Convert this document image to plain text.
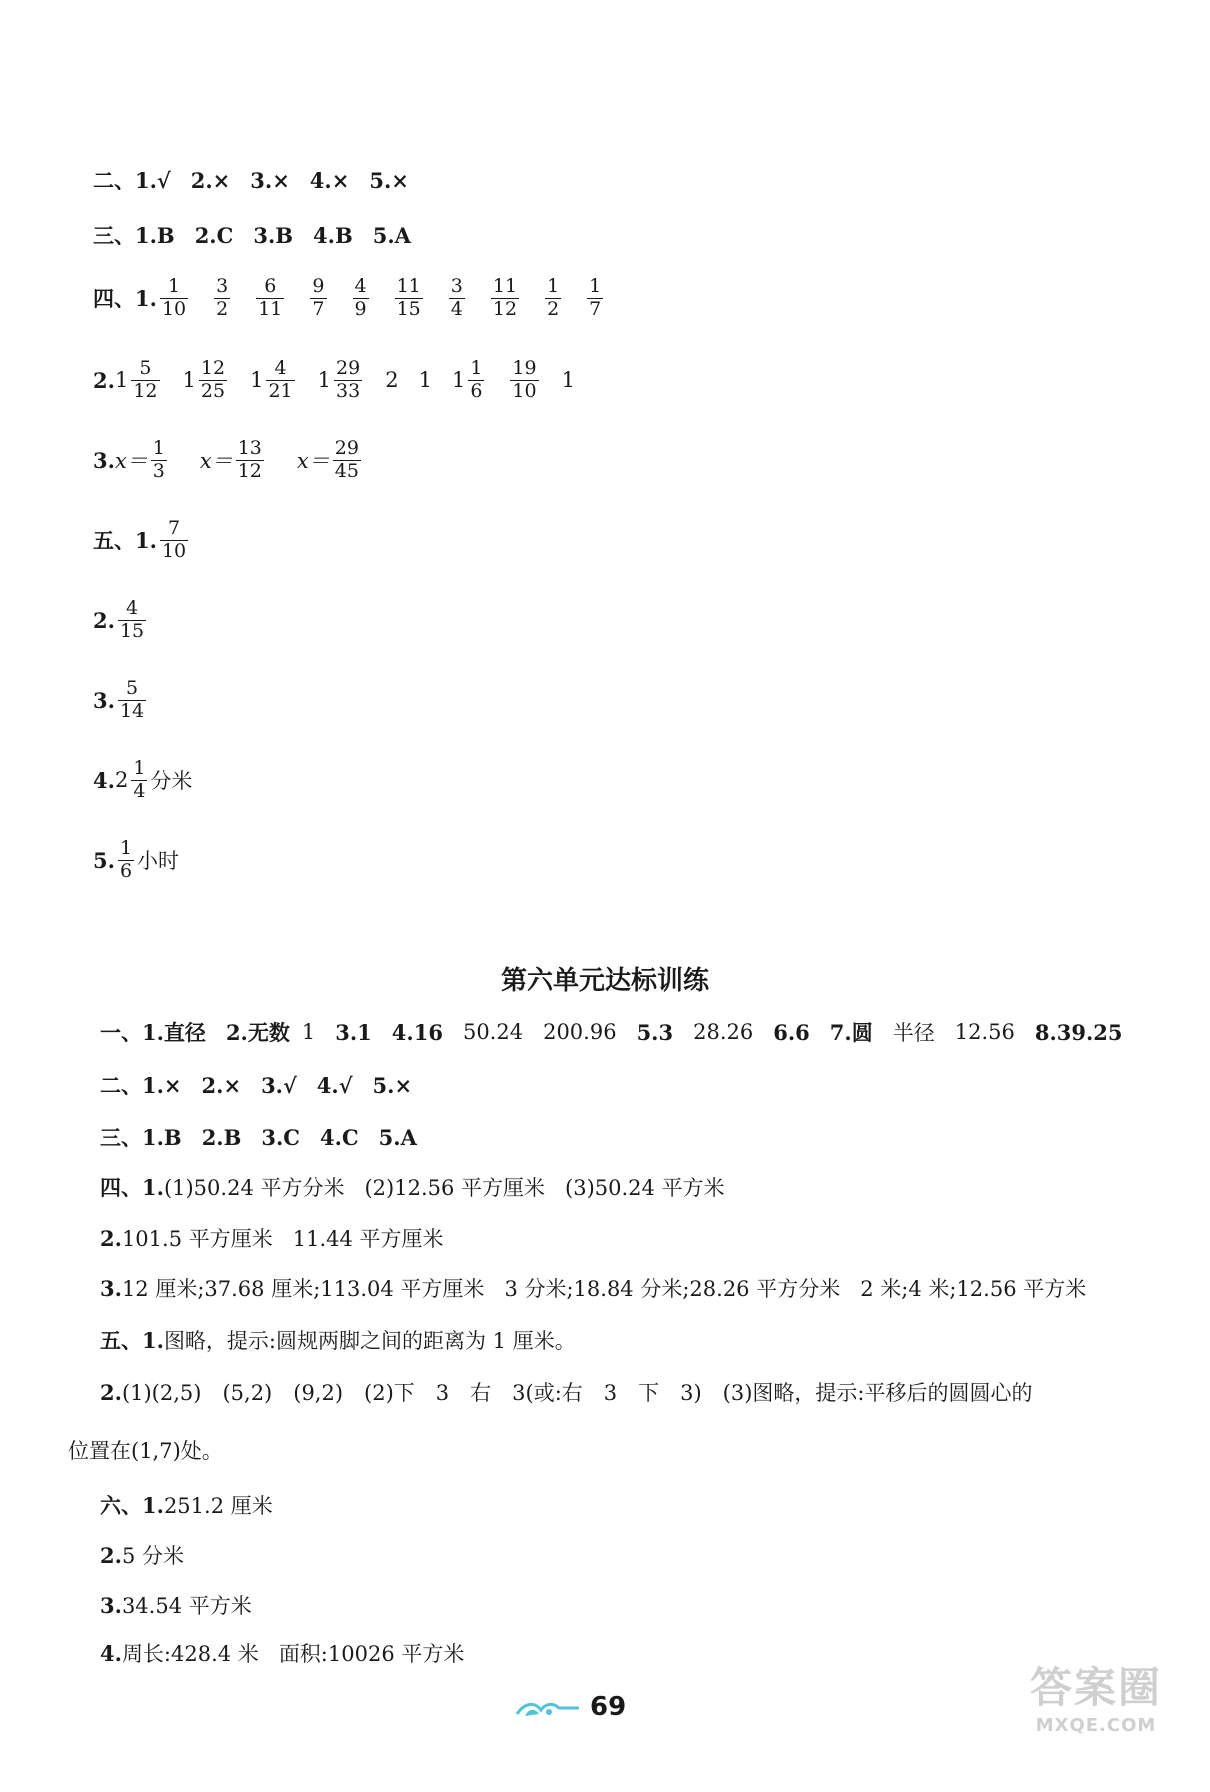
二、 1.√ 2.× 3.× 4.× 5.×
三、 1.B 2.C 3.B 4.B 5.A
四、1. $\frac{1}{10} \frac{3}{2} \frac{6}{11} \frac{9}{7} \frac{4}{9} \frac{11}{15} \frac{3}{4} \frac{11}{12} \frac{1}{2} \frac{1}{7}$
2. $1 \frac{5}{12} 1 \frac{12}{25} 1 \frac{4}{21} 1 \frac{29}{33} 2$ 1 $1 \frac{1}{6} \frac{19}{10} 1$
3. $x= \frac{1}{3} x= \frac{13}{12} x= \frac{29}{45}$
五、1. $\frac{7}{10}$
2. $\frac{4}{15}$
3. $\frac{5}{14}$
4. $2 \frac{1}{4}$ 分米
5. $\frac{1}{6}$ 小时
第六单元达标训练
一、 1.直径 2.无数 1 3.1 4.16 50.24 200.96 5.3 28.26 6.6 7.圆 半径 12.56 8.39.25
二、 1.× 2.× 3.√ 4.√ 5.×
三、 1.B 2.B 3.C 4.C 5.A
四、1. (1)50.24 平方分米 (2)12.56 平方厘米 (3)50.24 平方米
2. 101.5 平方厘米 11.44 平方厘米
3. 12 厘米;37.68 厘米;113.04 平方厘米 3 分米;18.84 分米;28.26 平方分米 2 米;4 米;12.56 平方米
五、1. 图略，提示:圆规两脚之间的距离为 1 厘米。
2. (1)(2,5)　(5,2)　(9,2)　(2)下　3　右　3(或:右　3　下　3)　(3)图略，提示:平移后的圆圆心的
位置在(1,7)处。
六、1. 251.2 厘米
2. 5 分米
3. 34.54 平方米
4. 周长:428.4 米 面积:10026 平方米
69	答案圈
MXQE.COM
